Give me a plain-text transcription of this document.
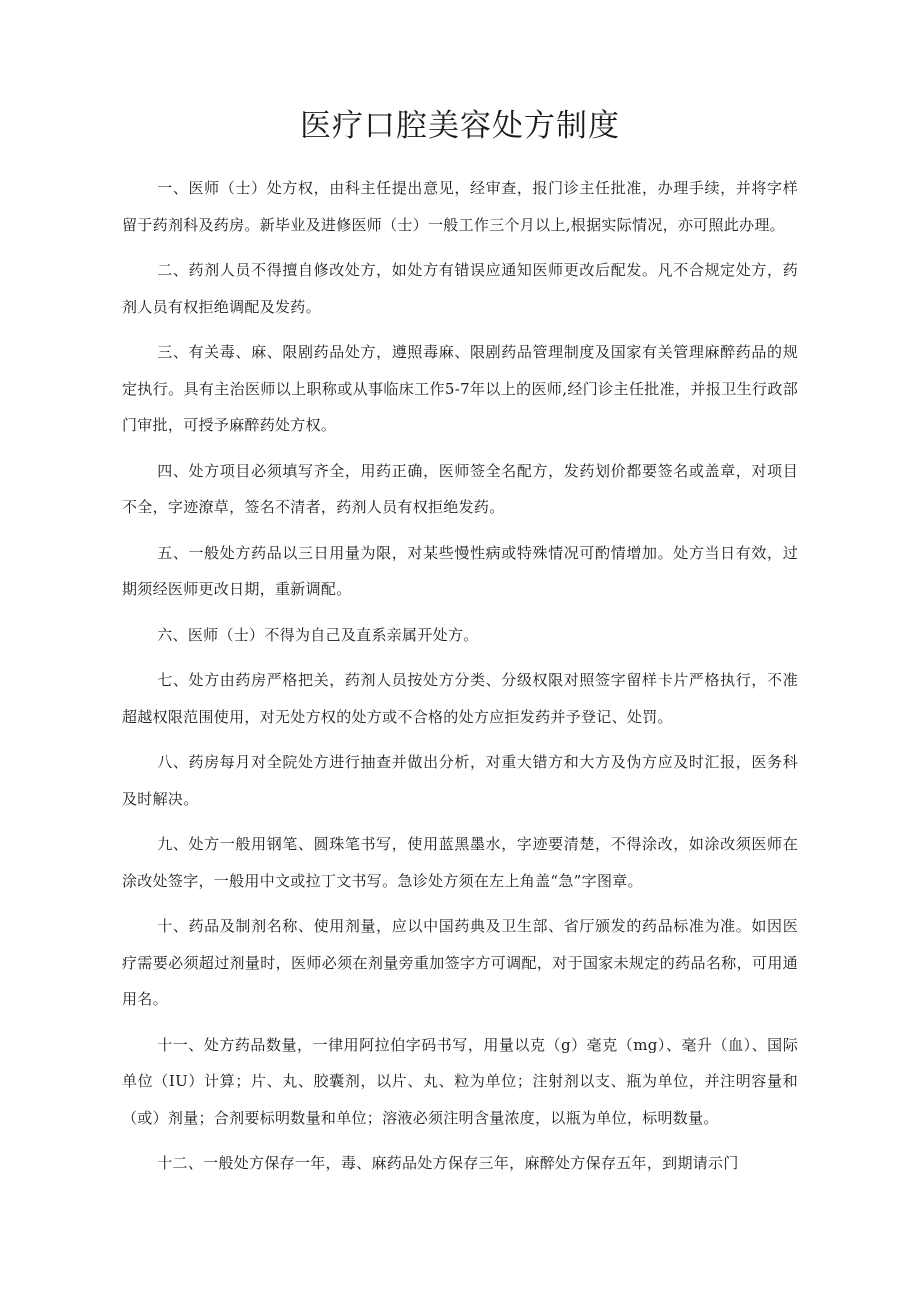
医疗口腔美容处方制度

一、医师（士）处方权，由科主任提出意见，经审查，报门诊主任批准，办理手续，并将字样留于药剂科及药房。新毕业及进修医师（士）一般工作三个月以上,根据实际情况，亦可照此办理。

二、药剂人员不得擅自修改处方，如处方有错误应通知医师更改后配发。凡不合规定处方，药剂人员有权拒绝调配及发药。

三、有关毒、麻、限剧药品处方，遵照毒麻、限剧药品管理制度及国家有关管理麻醉药品的规定执行。具有主治医师以上职称或从事临床工作5-7年以上的医师,经门诊主任批准，并报卫生行政部门审批，可授予麻醉药处方权。

四、处方项目必须填写齐全，用药正确，医师签全名配方，发药划价都要签名或盖章，对项目不全，字迹潦草，签名不清者，药剂人员有权拒绝发药。

五、一般处方药品以三日用量为限，对某些慢性病或特殊情况可酌情增加。处方当日有效，过期须经医师更改日期，重新调配。

六、医师（士）不得为自己及直系亲属开处方。

七、处方由药房严格把关，药剂人员按处方分类、分级权限对照签字留样卡片严格执行，不准超越权限范围使用，对无处方权的处方或不合格的处方应拒发药并予登记、处罚。

八、药房每月对全院处方进行抽查并做出分析，对重大错方和大方及伪方应及时汇报，医务科及时解决。

九、处方一般用钢笔、圆珠笔书写，使用蓝黑墨水，字迹要清楚，不得涂改，如涂改须医师在涂改处签字，一般用中文或拉丁文书写。急诊处方须在左上角盖“急”字图章。

十、药品及制剂名称、使用剂量，应以中国药典及卫生部、省厅颁发的药品标准为准。如因医疗需要必须超过剂量时，医师必须在剂量旁重加签字方可调配，对于国家未规定的药品名称，可用通用名。

十一、处方药品数量，一律用阿拉伯字码书写，用量以克（g）毫克（mg）、毫升（血）、国际单位（IU）计算；片、丸、胶囊剂，以片、丸、粒为单位；注射剂以支、瓶为单位，并注明容量和（或）剂量；合剂要标明数量和单位；溶液必须注明含量浓度，以瓶为单位，标明数量。

十二、一般处方保存一年，毒、麻药品处方保存三年，麻醉处方保存五年，到期请示门
